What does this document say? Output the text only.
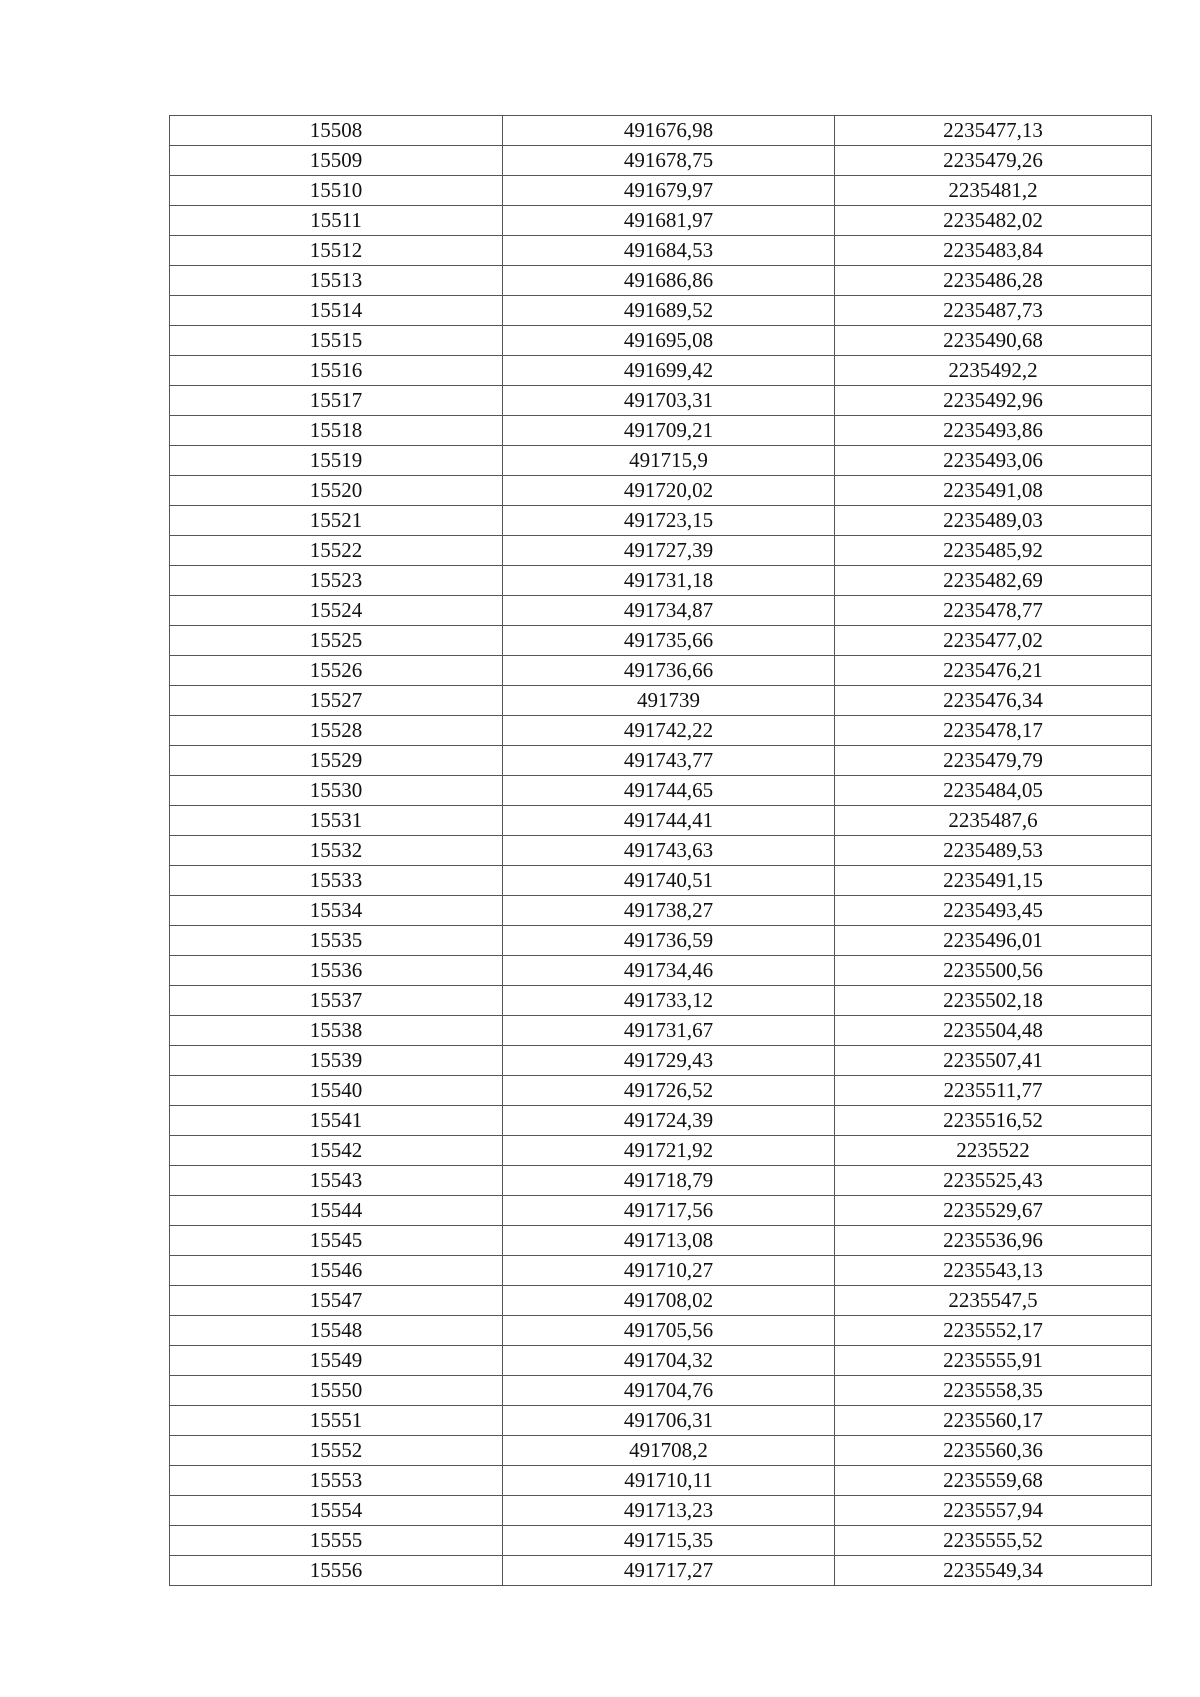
15508	491676,98	2235477,13
15509	491678,75	2235479,26
15510	491679,97	2235481,2
15511	491681,97	2235482,02
15512	491684,53	2235483,84
15513	491686,86	2235486,28
15514	491689,52	2235487,73
15515	491695,08	2235490,68
15516	491699,42	2235492,2
15517	491703,31	2235492,96
15518	491709,21	2235493,86
15519	491715,9	2235493,06
15520	491720,02	2235491,08
15521	491723,15	2235489,03
15522	491727,39	2235485,92
15523	491731,18	2235482,69
15524	491734,87	2235478,77
15525	491735,66	2235477,02
15526	491736,66	2235476,21
15527	491739	2235476,34
15528	491742,22	2235478,17
15529	491743,77	2235479,79
15530	491744,65	2235484,05
15531	491744,41	2235487,6
15532	491743,63	2235489,53
15533	491740,51	2235491,15
15534	491738,27	2235493,45
15535	491736,59	2235496,01
15536	491734,46	2235500,56
15537	491733,12	2235502,18
15538	491731,67	2235504,48
15539	491729,43	2235507,41
15540	491726,52	2235511,77
15541	491724,39	2235516,52
15542	491721,92	2235522
15543	491718,79	2235525,43
15544	491717,56	2235529,67
15545	491713,08	2235536,96
15546	491710,27	2235543,13
15547	491708,02	2235547,5
15548	491705,56	2235552,17
15549	491704,32	2235555,91
15550	491704,76	2235558,35
15551	491706,31	2235560,17
15552	491708,2	2235560,36
15553	491710,11	2235559,68
15554	491713,23	2235557,94
15555	491715,35	2235555,52
15556	491717,27	2235549,34
